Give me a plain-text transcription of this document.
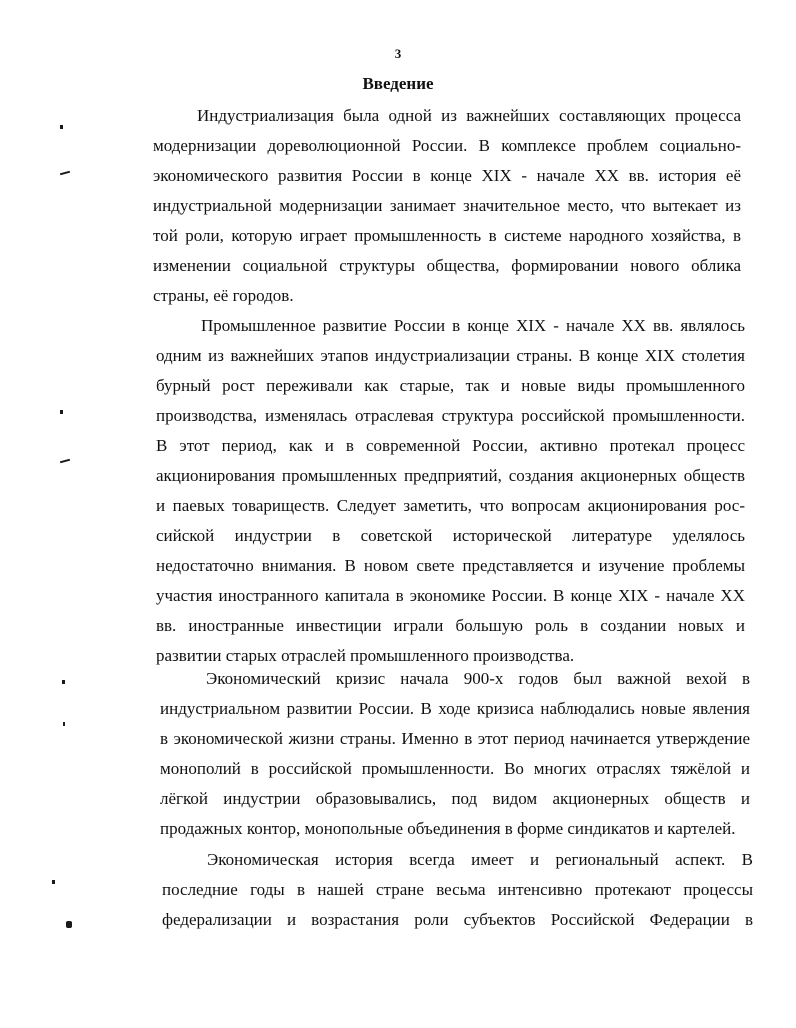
3
Введение
Индустриализация была одной из важнейших составляющих процесса
модернизации дореволюционной России. В комплексе проблем социально-
экономического развития России в конце XIX - начале XX вв. история её
индустриальной модернизации занимает значительное место, что вытекает из
той роли, которую играет промышленность в системе народного хозяйства, в
изменении социальной структуры общества, формировании нового облика
страны, её городов.
Промышленное развитие России в конце XIX - начале XX вв. являлось
одним из важнейших этапов индустриализации страны. В конце XIX столетия
бурный рост переживали как старые, так и новые виды промышленного
производства, изменялась отраслевая структура российской промышленности.
В этот период, как и в современной России, активно протекал процесс
акционирования промышленных предприятий, создания акционерных обществ
и паевых товариществ. Следует заметить, что вопросам акционирования рос-
сийской индустрии в советской исторической литературе уделялось
недостаточно внимания. В новом свете представляется и изучение проблемы
участия иностранного капитала в экономике России. В конце XIX - начале XX
вв. иностранные инвестиции играли большую роль в создании новых и
развитии старых отраслей промышленного производства.
Экономический кризис начала 900-х годов был важной вехой в
индустриальном развитии России. В ходе кризиса наблюдались новые явления
в экономической жизни страны. Именно в этот период начинается утверждение
монополий в российской промышленности. Во многих отраслях тяжёлой и
лёгкой индустрии образовывались, под видом акционерных обществ и
продажных контор, монопольные объединения в форме синдикатов и картелей.
Экономическая история всегда имеет и региональный аспект. В
последние годы в нашей стране весьма интенсивно протекают процессы
федерализации и возрастания роли субъектов Российской Федерации в
